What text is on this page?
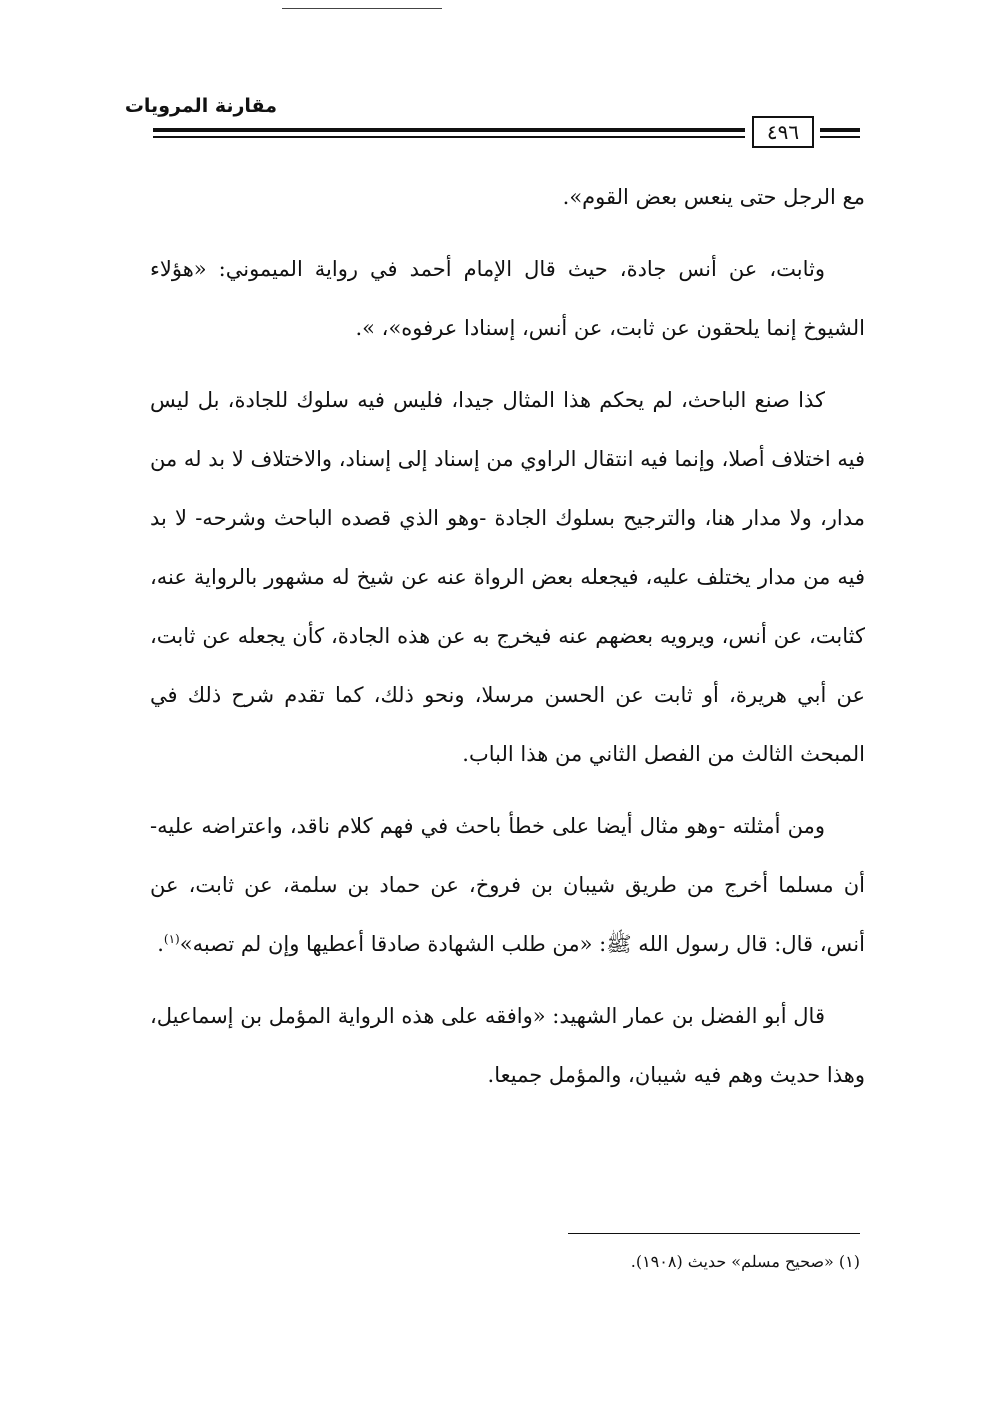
مقارنة المرويات
٤٩٦

مع الرجل حتى ينعس بعض القوم».

وثابت، عن أنس جادة، حيث قال الإمام أحمد في رواية الميموني: «هؤلاء الشيوخ إنما يلحقون عن ثابت، عن أنس، إسنادا عرفوه»، ».

كذا صنع الباحث، لم يحكم هذا المثال جيدا، فليس فيه سلوك للجادة، بل ليس فيه اختلاف أصلا، وإنما فيه انتقال الراوي من إسناد إلى إسناد، والاختلاف لا بد له من مدار، ولا مدار هنا، والترجيح بسلوك الجادة -وهو الذي قصده الباحث وشرحه- لا بد فيه من مدار يختلف عليه، فيجعله بعض الرواة عنه عن شيخ له مشهور بالرواية عنه، كثابت، عن أنس، ويرويه بعضهم عنه فيخرج به عن هذه الجادة، كأن يجعله عن ثابت، عن أبي هريرة، أو ثابت عن الحسن مرسلا، ونحو ذلك، كما تقدم شرح ذلك في المبحث الثالث من الفصل الثاني من هذا الباب.

ومن أمثلته -وهو مثال أيضا على خطأ باحث في فهم كلام ناقد، واعتراضه عليه- أن مسلما أخرج من طريق شيبان بن فروخ، عن حماد بن سلمة، عن ثابت، عن أنس، قال: قال رسول الله ﷺ: «من طلب الشهادة صادقا أعطيها وإن لم تصبه»$^{(١)}$.

قال أبو الفضل بن عمار الشهيد: «وافقه على هذه الرواية المؤمل بن إسماعيل، وهذا حديث وهم فيه شيبان، والمؤمل جميعا.

(١) «صحيح مسلم» حديث (١٩٠٨).
